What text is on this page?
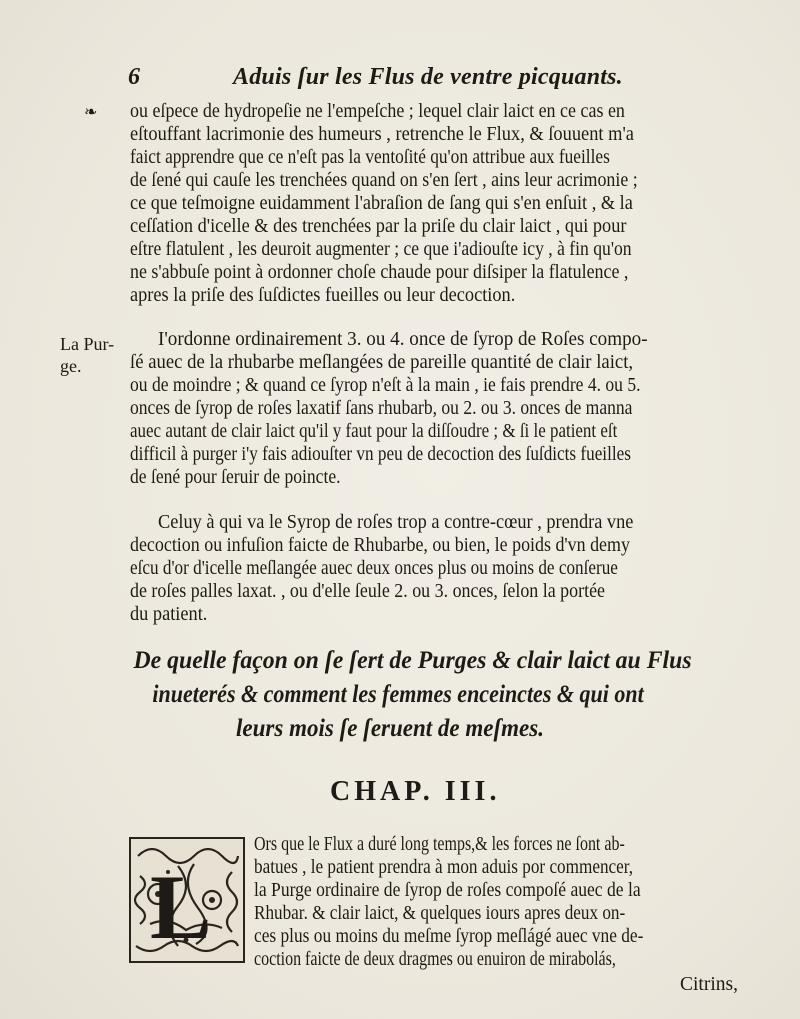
6	Aduis ſur les Flus de ventre picquants.
❧ ou eſpece de hydropeſie ne l'empeſche ; lequel clair laict en ce cas en
eſtouffant lacrimonie des humeurs , retrenche le Flux, & ſouuent m'a
faict apprendre que ce n'eſt pas la ventoſité qu'on attribue aux fueilles
de ſené qui cauſe les trenchées quand on s'en ſert , ains leur acrimonie ;
ce que teſmoigne euidamment l'abraſion de ſang qui s'en enſuit , & la
ceſſation d'icelle & des trenchées par la priſe du clair laict , qui pour
eſtre flatulent , les deuroit augmenter ; ce que i'adiouſte icy , à fin qu'on
ne s'abbuſe point à ordonner choſe chaude pour diſsiper la flatulence ,
apres la priſe des ſuſdictes fueilles ou leur decoction.
La Pur-
ge.
I'ordonne ordinairement 3. ou 4. once de ſyrop de Roſes compo-
ſé auec de la rhubarbe meſlangées de pareille quantité de clair laict,
ou de moindre ; & quand ce ſyrop n'eſt à la main , ie fais prendre 4. ou 5.
onces de ſyrop de roſes laxatif ſans rhubarb, ou 2. ou 3. onces de manna
auec autant de clair laict qu'il y faut pour la diſſoudre ; & ſi le patient eſt
difficil à purger i'y fais adiouſter vn peu de decoction des ſuſdicts fueilles
de ſené pour ſeruir de poincte.
Celuy à qui va le Syrop de roſes trop a contre-cœur , prendra vne
decoction ou infuſion faicte de Rhubarbe, ou bien, le poids d'vn demy
eſcu d'or d'icelle meſlangée auec deux onces plus ou moins de conſerue
de roſes palles laxat. , ou d'elle ſeule 2. ou 3. onces, ſelon la portée
du patient.
De quelle façon on ſe ſert de Purges & clair laict au Flus
inueterés & comment les femmes enceinctes & qui ont
leurs mois ſe ſeruent de meſmes.
CHAP. III.
L
Ors que le Flux a duré long temps,& les forces ne ſont ab-
batues , le patient prendra à mon aduis por commencer,
la Purge ordinaire de ſyrop de roſes compoſé auec de la
Rhubar. & clair laict, & quelques iours apres deux on-
ces plus ou moins du meſme ſyrop meſlágé auec vne de-
coction faicte de deux dragmes ou enuiron de mirabolás,
Citrins,
